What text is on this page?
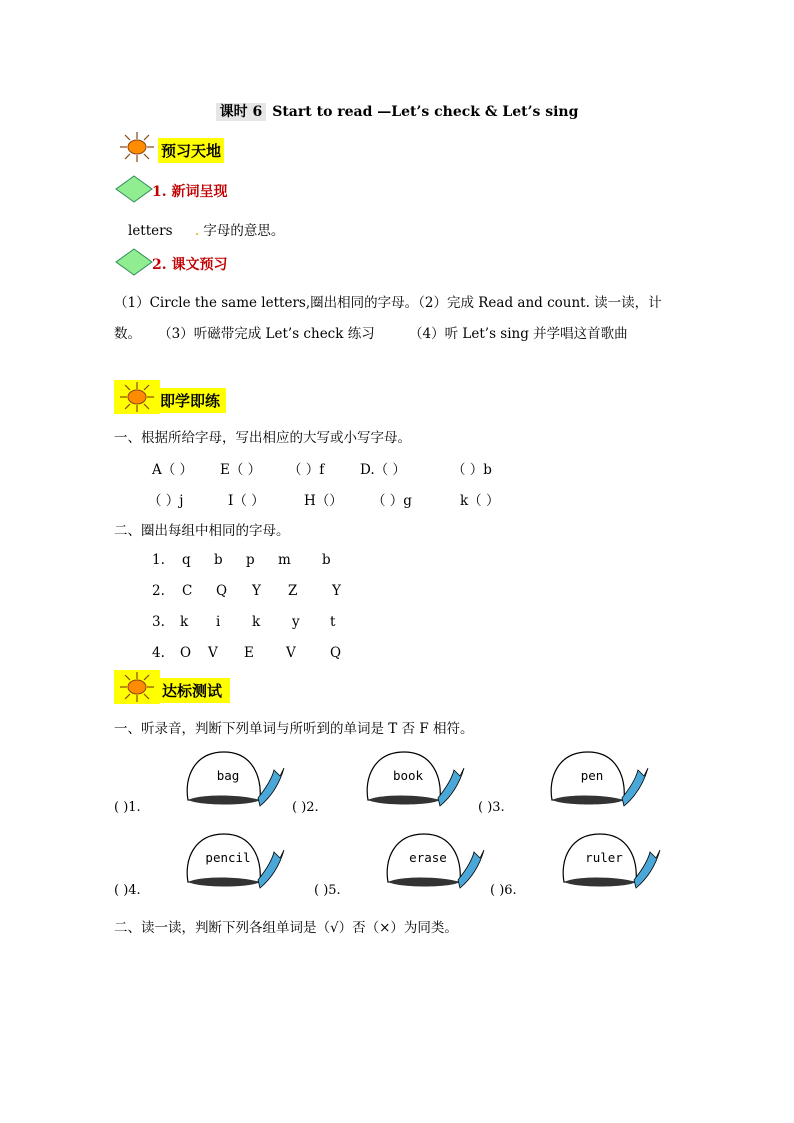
课时 6 Start to read —Let’s check & Let’s sing
预习天地
1. 新词呈现
letters . 字母的意思。
2. 课文预习
（1）Circle the same letters,圈出相同的字母。（2）完成 Read and count. 读一读，计
数。    （3）听磁带完成 Let’s check 练习        （4）听 Let’s sing 并学唱这首歌曲
即学即练
一、根据所给字母，写出相应的大写或小写字母。
A（ ） E（ ） （ ）f	D.（ ）	（ ）b
（ ）j	I（ ）	H（） （ ）g	k（ ）
二、圈出每组中相同的字母。
1. q b p m b
2. C Q Y Z	Y
3. k i k y t
4. O V E V	Q
达标测试
一、听录音，判断下列单词与所听到的单词是 T 否 F 相符。
( )1.
bag
( )2.
book
( )3.
pen
( )4.
pencil
( )5.
erase
( )6.
ruler
二、读一读，判断下列各组单词是（√）否（×）为同类。
